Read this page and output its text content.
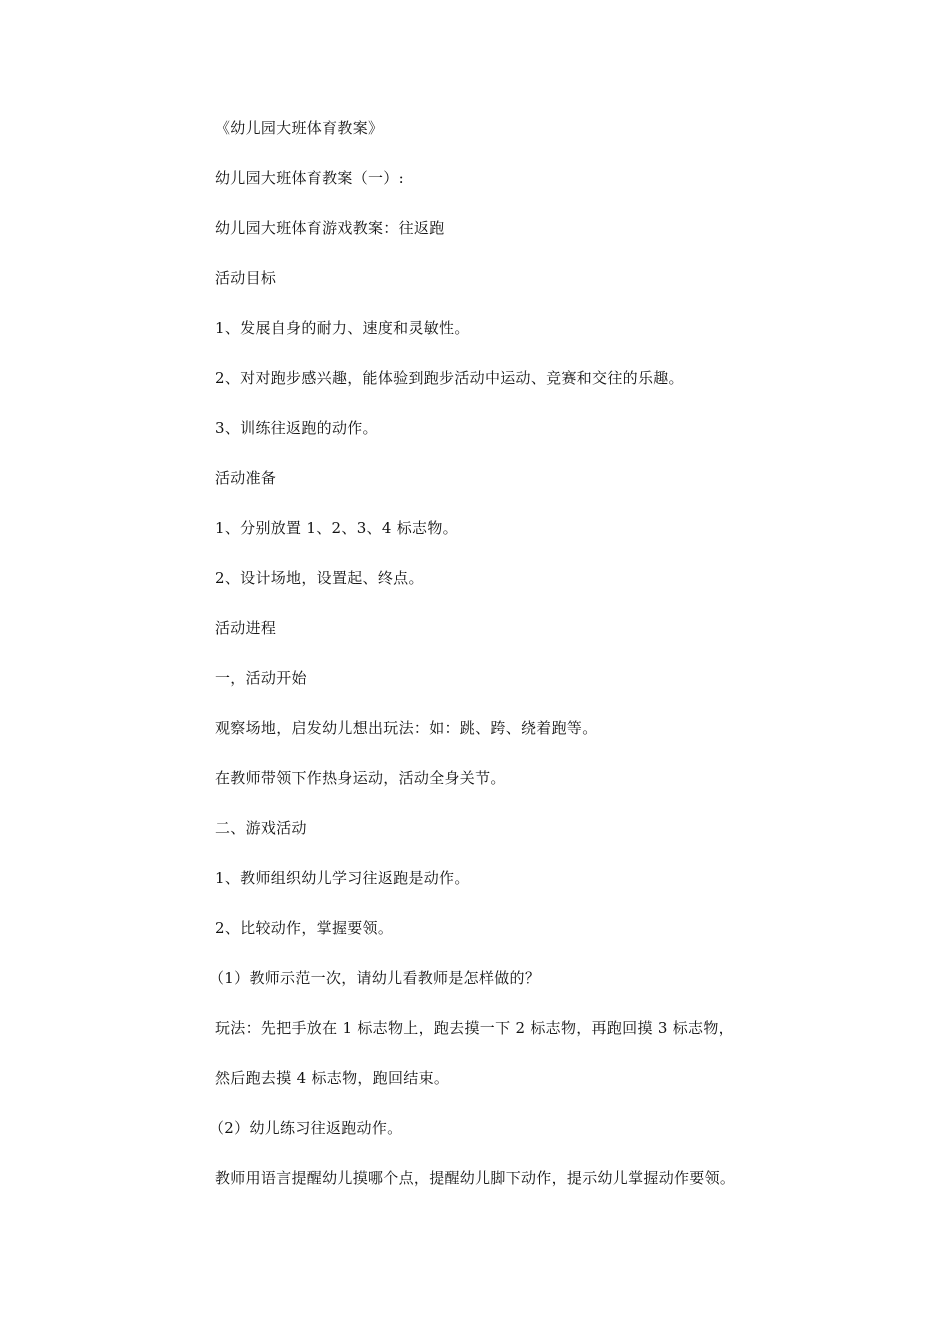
《幼儿园大班体育教案》
幼儿园大班体育教案（一）:
幼儿园大班体育游戏教案：往返跑
活动目标
1、发展自身的耐力、速度和灵敏性。
2、对对跑步感兴趣，能体验到跑步活动中运动、竞赛和交往的乐趣。
3、训练往返跑的动作。
活动准备
1、分别放置 1、2、3、4 标志物。
2、设计场地，设置起、终点。
活动进程
一，活动开始
观察场地，启发幼儿想出玩法：如：跳、跨、绕着跑等。
在教师带领下作热身运动，活动全身关节。
二、游戏活动
1、教师组织幼儿学习往返跑是动作。
2、比较动作，掌握要领。
（1）教师示范一次，请幼儿看教师是怎样做的？
玩法：先把手放在 1 标志物上，跑去摸一下 2 标志物，再跑回摸 3 标志物，
然后跑去摸 4 标志物，跑回结束。
（2）幼儿练习往返跑动作。
教师用语言提醒幼儿摸哪个点，提醒幼儿脚下动作，提示幼儿掌握动作要领。
